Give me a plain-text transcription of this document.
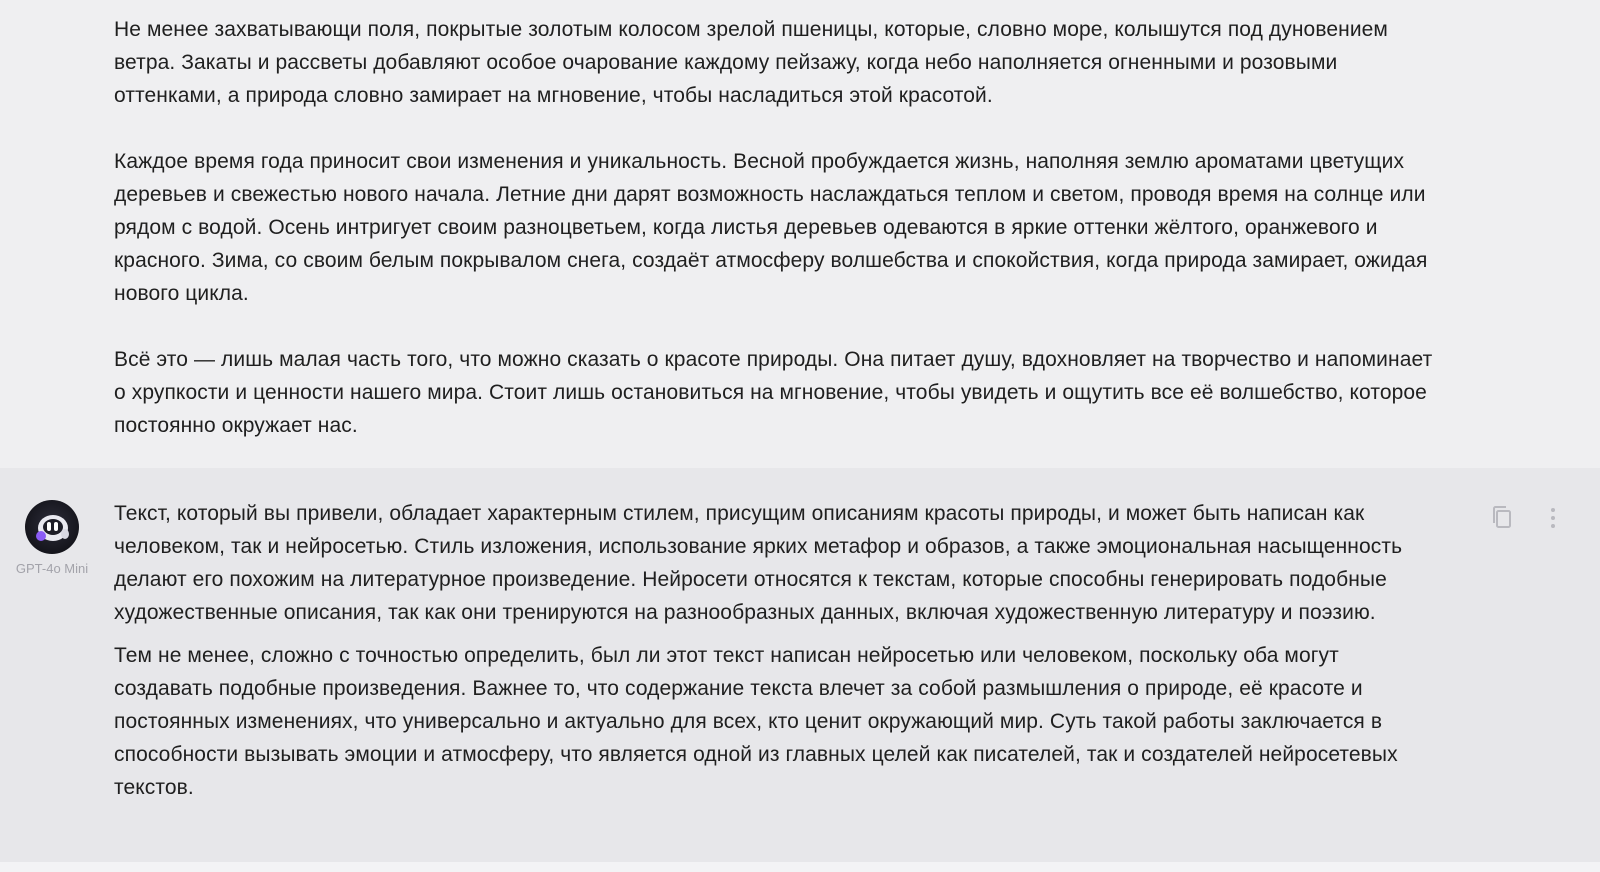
Не менее захватывающи поля, покрытые золотым колосом зрелой пшеницы, которые, словно море, колышутся под дуновением ветра. Закаты и рассветы добавляют особое очарование каждому пейзажу, когда небо наполняется огненными и розовыми оттенками, а природа словно замирает на мгновение, чтобы насладиться этой красотой.

Каждое время года приносит свои изменения и уникальность. Весной пробуждается жизнь, наполняя землю ароматами цветущих деревьев и свежестью нового начала. Летние дни дарят возможность наслаждаться теплом и светом, проводя время на солнце или рядом с водой. Осень интригует своим разноцветьем, когда листья деревьев одеваются в яркие оттенки жёлтого, оранжевого и красного. Зима, со своим белым покрывалом снега, создаёт атмосферу волшебства и спокойствия, когда природа замирает, ожидая нового цикла.

Всё это — лишь малая часть того, что можно сказать о красоте природы. Она питает душу, вдохновляет на творчество и напоминает о хрупкости и ценности нашего мира. Стоит лишь остановиться на мгновение, чтобы увидеть и ощутить все её волшебство, которое постоянно окружает нас.

GPT-4o Mini

Текст, который вы привели, обладает характерным стилем, присущим описаниям красоты природы, и может быть написан как человеком, так и нейросетью. Стиль изложения, использование ярких метафор и образов, а также эмоциональная насыщенность делают его похожим на литературное произведение. Нейросети относятся к текстам, которые способны генерировать подобные художественные описания, так как они тренируются на разнообразных данных, включая художественную литературу и поэзию.

Тем не менее, сложно с точностью определить, был ли этот текст написан нейросетью или человеком, поскольку оба могут создавать подобные произведения. Важнее то, что содержание текста влечет за собой размышления о природе, её красоте и постоянных изменениях, что универсально и актуально для всех, кто ценит окружающий мир. Суть такой работы заключается в способности вызывать эмоции и атмосферу, что является одной из главных целей как писателей, так и создателей нейросетевых текстов.
